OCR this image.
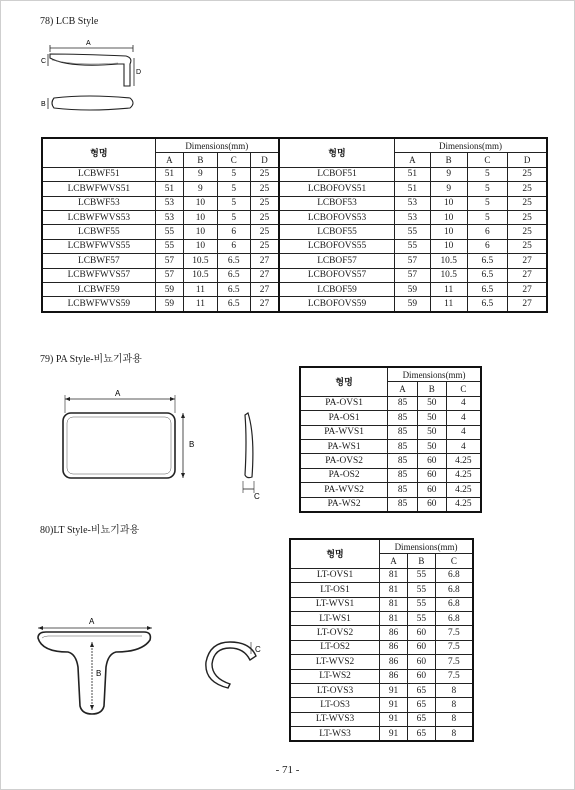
78) LCB Style
A
C
D
B
형명	Dimensions(mm)				형명	Dimensions(mm)			
	A	B	C	D		A	B	C	D
LCBWF51	51	9	5	25	LCBOF51	51	9	5	25
LCBWFWVS51	51	9	5	25	LCBOFOVS51	51	9	5	25
LCBWF53	53	10	5	25	LCBOF53	53	10	5	25
LCBWFWVS53	53	10	5	25	LCBOFOVS53	53	10	5	25
LCBWF55	55	10	6	25	LCBOF55	55	10	6	25
LCBWFWVS55	55	10	6	25	LCBOFOVS55	55	10	6	25
LCBWF57	57	10.5	6.5	27	LCBOF57	57	10.5	6.5	27
LCBWFWVS57	57	10.5	6.5	27	LCBOFOVS57	57	10.5	6.5	27
LCBWF59	59	11	6.5	27	LCBOF59	59	11	6.5	27
LCBWFWVS59	59	11	6.5	27	LCBOFOVS59	59	11	6.5	27
79) PA Style-비뇨기과용
A
B
C
형명	Dimensions(mm)		
	A	B	C
PA-OVS1	85	50	4
PA-OS1	85	50	4
PA-WVS1	85	50	4
PA-WS1	85	50	4
PA-OVS2	85	60	4.25
PA-OS2	85	60	4.25
PA-WVS2	85	60	4.25
PA-WS2	85	60	4.25
80)LT Style-비뇨기과용
A
B
C
형명	Dimensions(mm)		
	A	B	C
LT-OVS1	81	55	6.8
LT-OS1	81	55	6.8
LT-WVS1	81	55	6.8
LT-WS1	81	55	6.8
LT-OVS2	86	60	7.5
LT-OS2	86	60	7.5
LT-WVS2	86	60	7.5
LT-WS2	86	60	7.5
LT-OVS3	91	65	8
LT-OS3	91	65	8
LT-WVS3	91	65	8
LT-WS3	91	65	8
- 71 -
